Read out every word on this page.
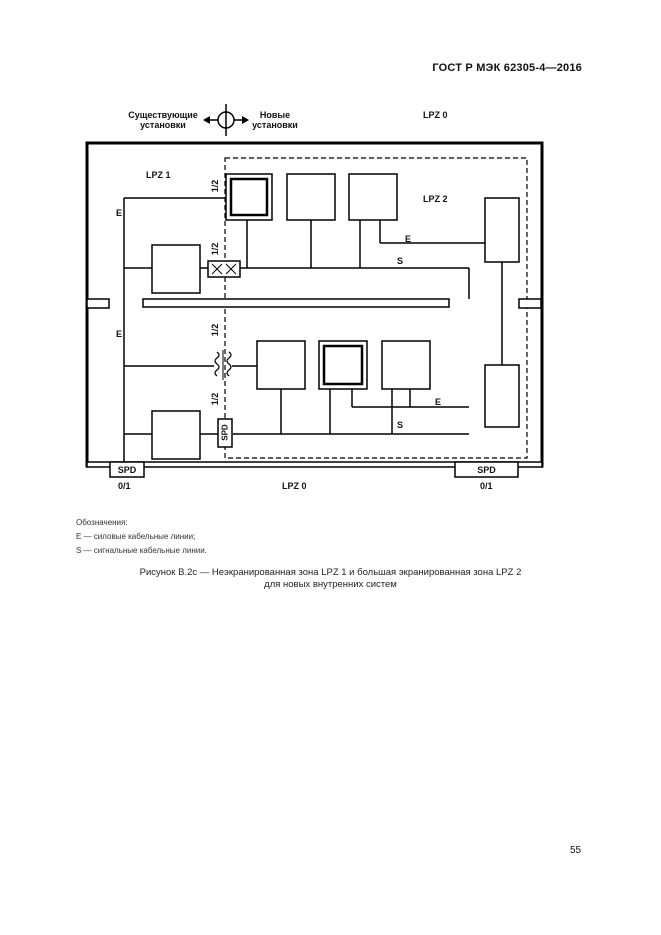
ГОСТ Р МЭК 62305-4—2016
Существующие
установки
Новые
установки
LPZ 0
LPZ 1
LPZ 2
LPZ 0
E
E
E
S
E
S
1/2
1/2
1/2
1/2
SPD	SPD
SPD
0/1	0/1
Обозначения:
E — силовые кабельные линии;
S — сигнальные кабельные линии.
Рисунок В.2с — Неэкранированная зона LPZ 1 и большая экранированная зона LPZ 2
для новых внутренних систем
55
